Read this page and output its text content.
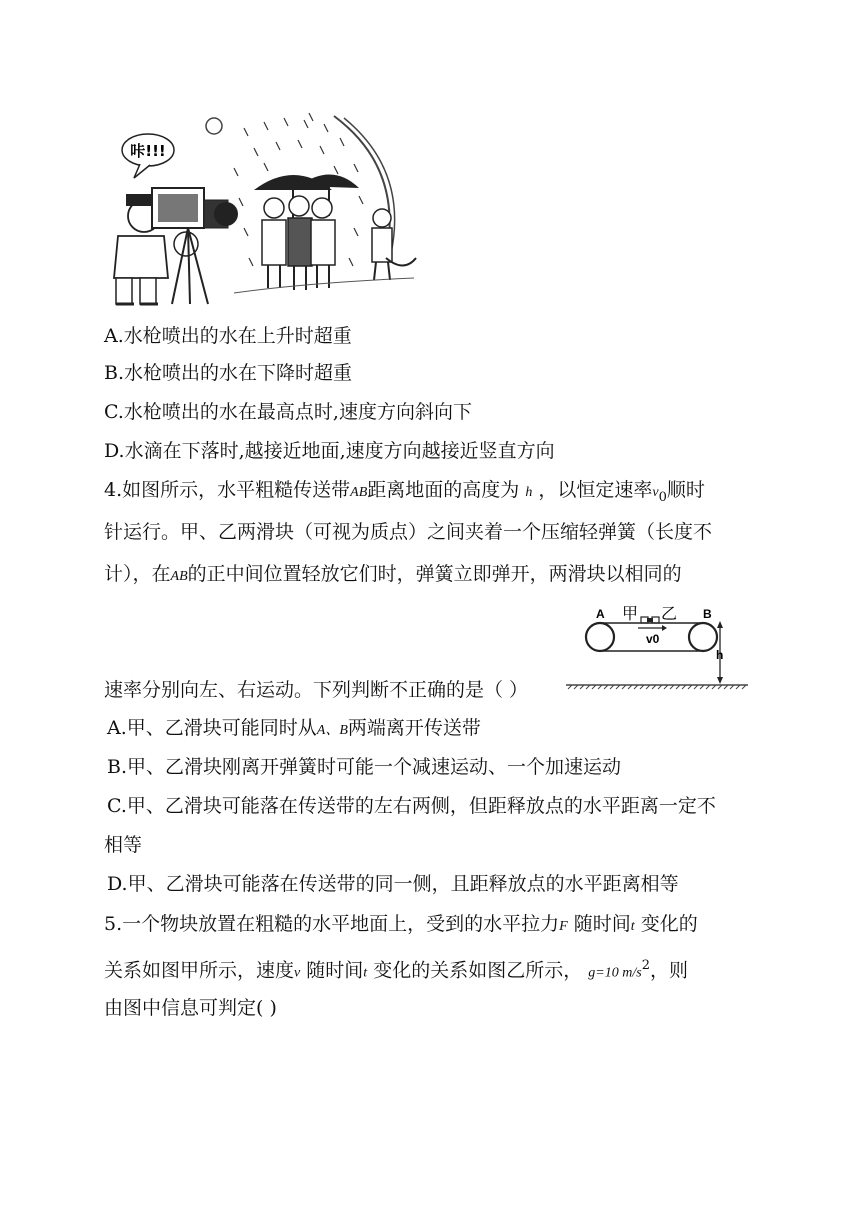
咔!!!
A.水枪喷出的水在上升时超重
B.水枪喷出的水在下降时超重
C.水枪喷出的水在最高点时,速度方向斜向下
D.水滴在下落时,越接近地面,速度方向越接近竖直方向
4.如图所示，水平粗糙传送带AB距离地面的高度为 h ，以恒定速率$v_0$顺时
针运行。甲、乙两滑块（可视为质点）之间夹着一个压缩轻弹簧（长度不
计），在AB的正中间位置轻放它们时，弹簧立即弹开，两滑块以相同的
速率分别向左、右运动。下列判断不正确的是（ ）
A	B
甲 乙
v0
h
A.甲、乙滑块可能同时从A、B两端离开传送带
B.甲、乙滑块刚离开弹簧时可能一个减速运动、一个加速运动
C.甲、乙滑块可能落在传送带的左右两侧，但距释放点的水平距离一定不
相等
D.甲、乙滑块可能落在传送带的同一侧，且距释放点的水平距离相等
5.一个物块放置在粗糙的水平地面上，受到的水平拉力F 随时间t 变化的
关系如图甲所示，速度v 随时间t 变化的关系如图乙所示， g=10 $m/s^2$，则
由图中信息可判定( )
